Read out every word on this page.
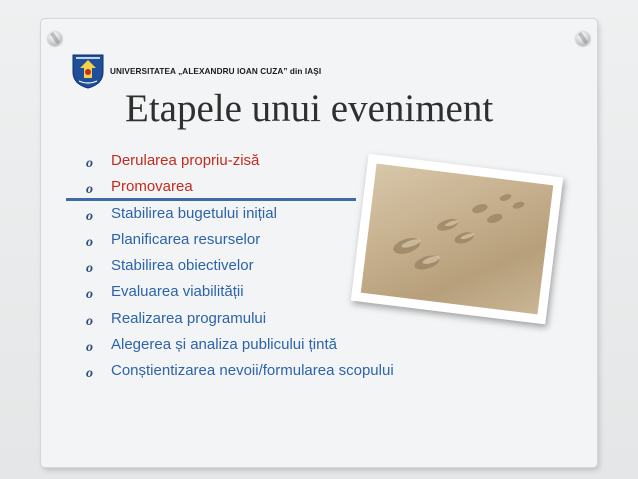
UNIVERSITATEA „ALEXANDRU IOAN CUZA” din IAŞI
Etapele unui eveniment
o Derularea propriu-zisă
o Promovarea
o Stabilirea bugetului inițial
o Planificarea resurselor
o Stabilirea obiectivelor
o Evaluarea viabilității
o Realizarea programului
o Alegerea și analiza publicului țintă
o Conștientizarea nevoii/formularea scopului
